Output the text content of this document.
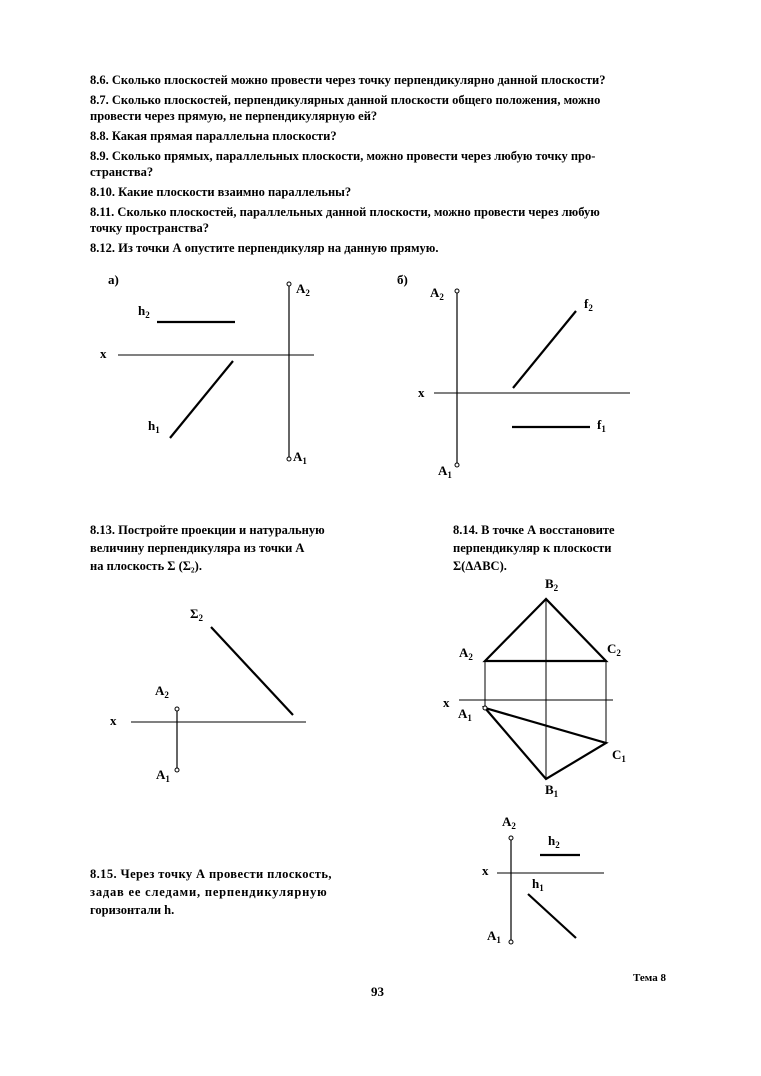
8.6. Сколько плоскостей можно провести через точку перпендикулярно данной плоскости?
8.7. Сколько плоскостей, перпендикулярных данной плоскости общего положения, можно
провести через прямую, не перпендикулярную ей?
8.8. Какая прямая параллельна плоскости?
8.9. Сколько прямых, параллельных плоскости, можно провести через любую точку про-
странства?
8.10. Какие плоскости взаимно параллельны?
8.11. Сколько плоскостей, параллельных данной плоскости, можно провести через любую
точку пространства?
8.12. Из точки А опустите перпендикуляр на данную прямую.
8.13. Постройте проекции и натуральную
величину перпендикуляра из точки А
на плоскость Σ (Σ₂).
8.14. В точке А восстановите
перпендикуляр к плоскости
Σ(ΔABC).
8.15. Через точку А провести плоскость,
задав ее следами, перпендикулярную
горизонтали h.
а)
x
$h_2$
$h_1$
$A_2$
$A_1$
б)
$A_2$
$A_1$
x
$f_2$
$f_1$
$\Sigma_2$
x
$A_2$
$A_1$
$B_2$
$A_2$
$C_2$
x
$A_1$
$C_1$
$B_1$
$A_2$
$A_1$
$h_2$
x
$h_1$
Тема 8
93
